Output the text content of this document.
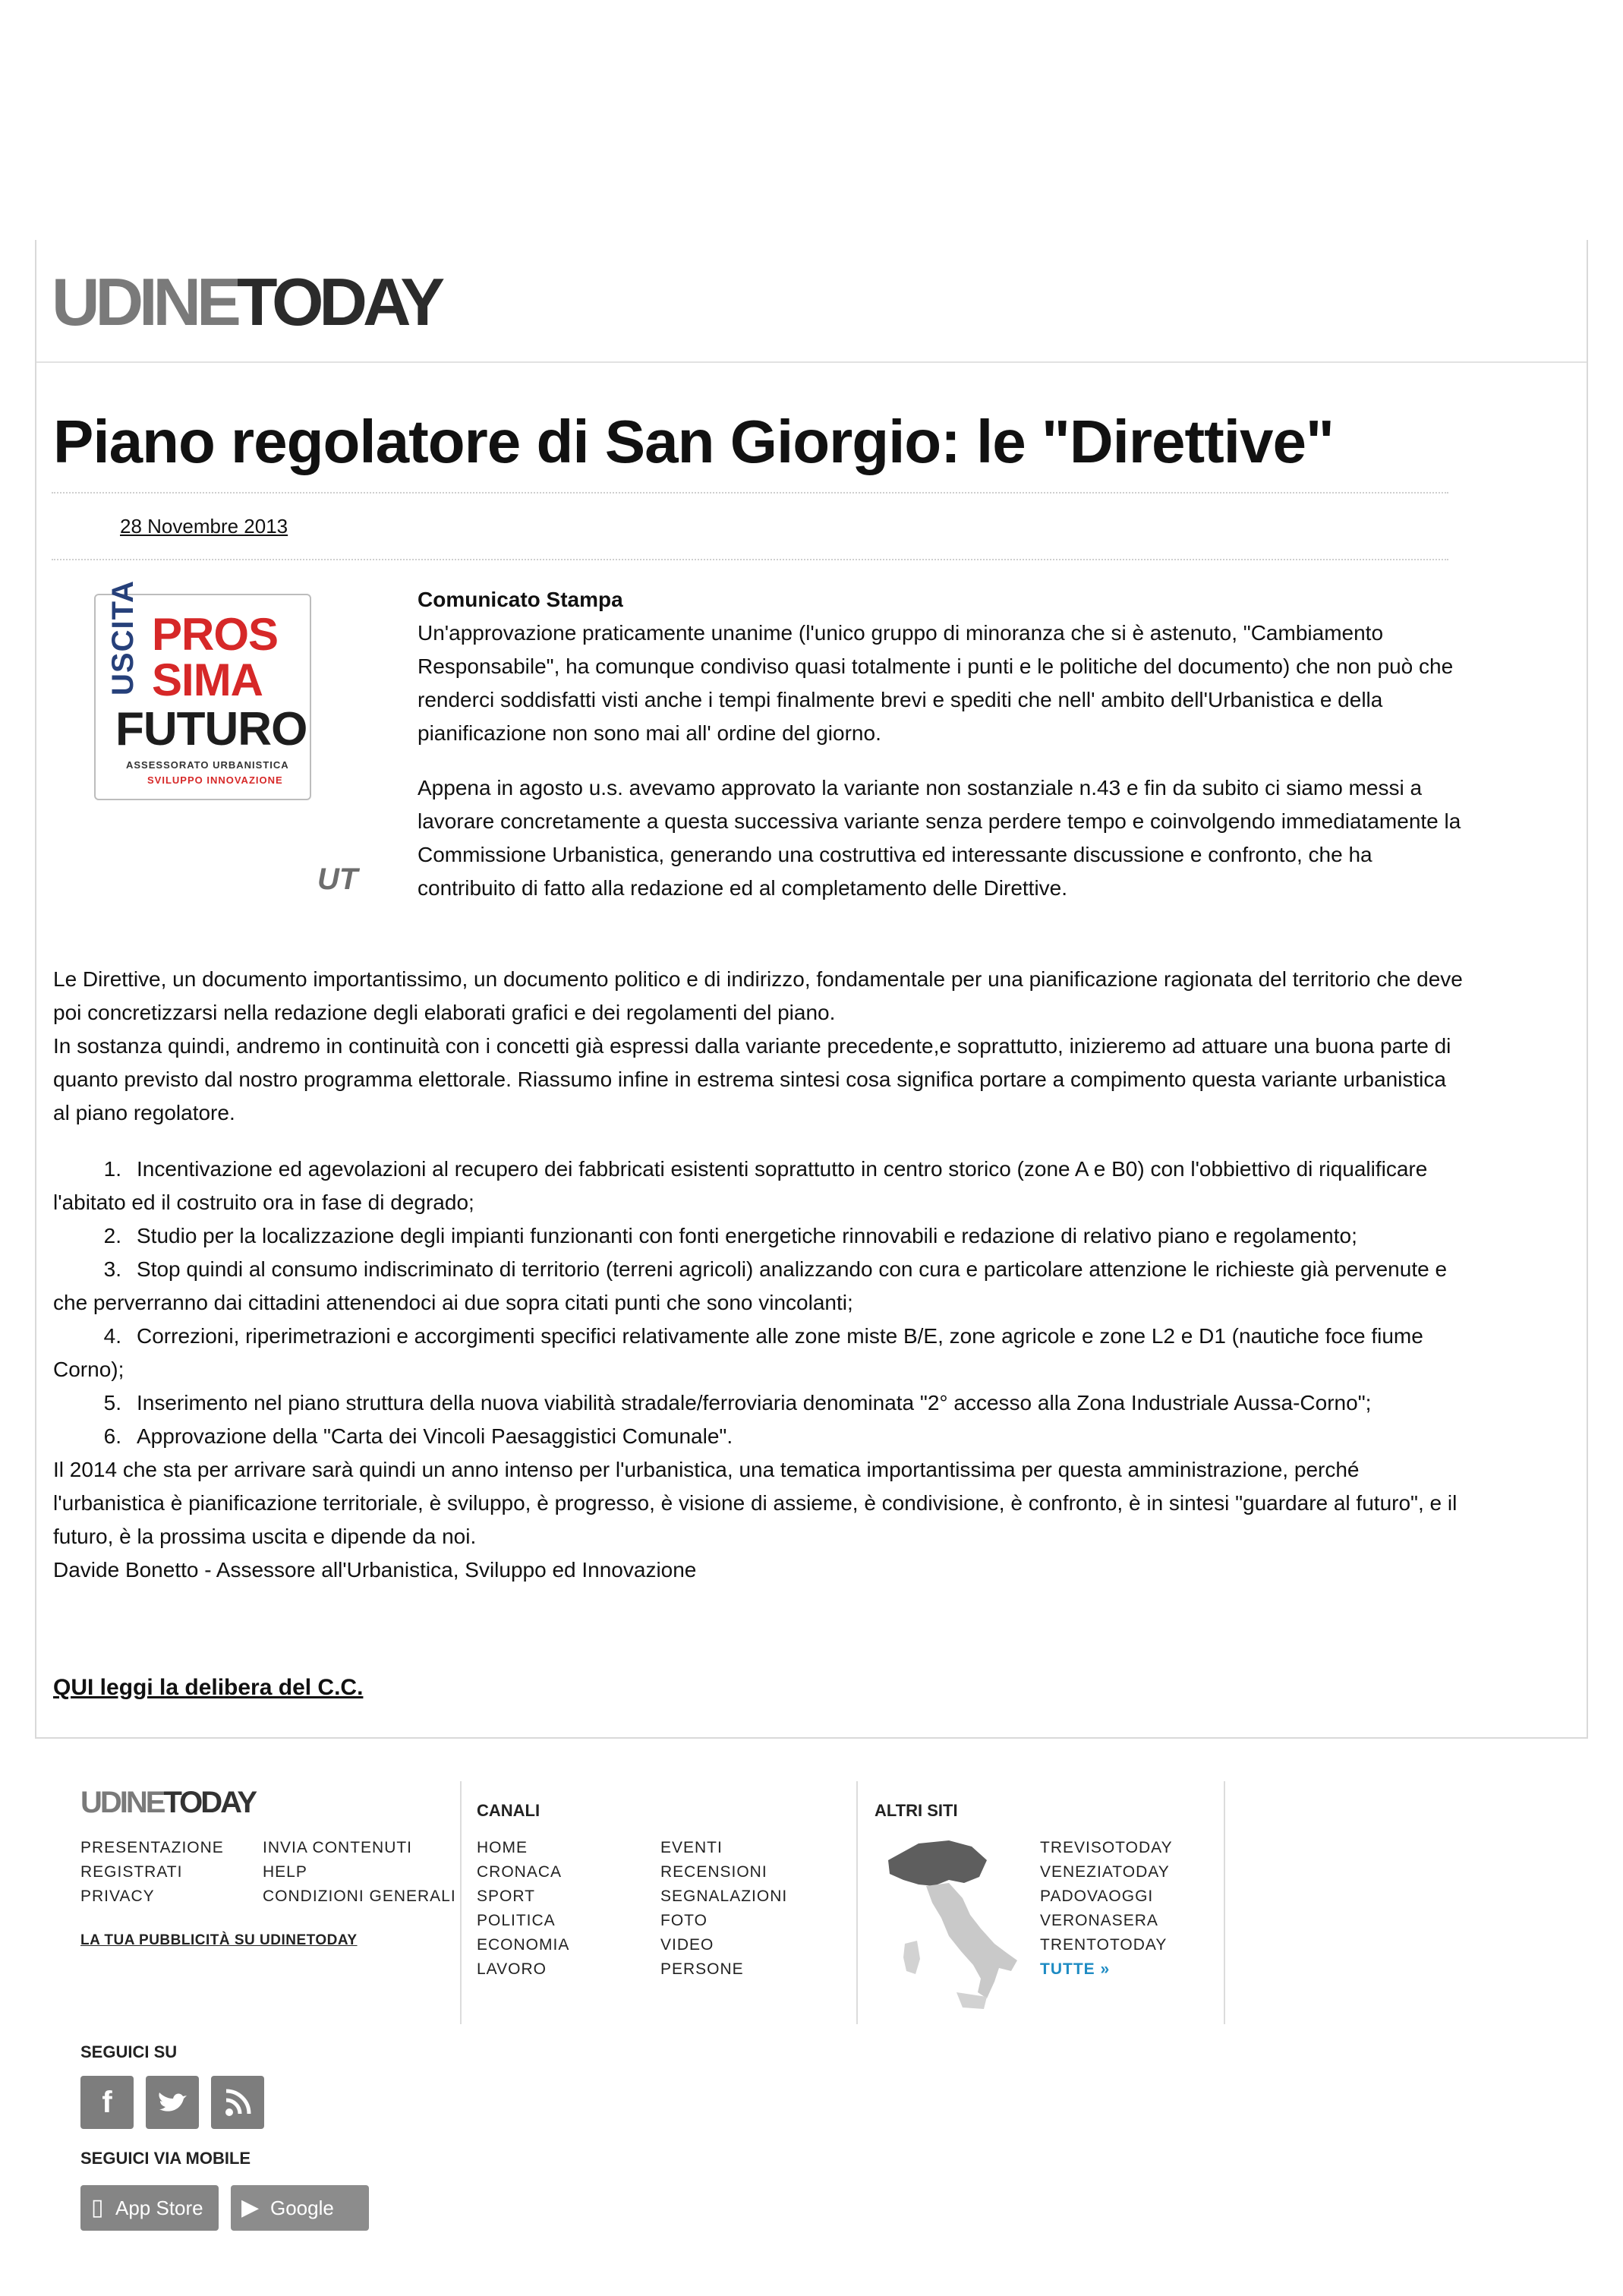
UDINETODAY
Piano regolatore di San Giorgio: le "Direttive"
28 Novembre 2013
USCITA PROS
SIMA
FUTURO
ASSESSORATO URBANISTICA
SVILUPPO INNOVAZIONE
UT

Comunicato Stampa

Un'approvazione praticamente unanime (l'unico gruppo di minoranza che si è astenuto, "Cambiamento Responsabile", ha comunque condiviso quasi totalmente i punti e le politiche del documento) che non può che renderci soddisfatti visti anche i tempi finalmente brevi e spediti che nell' ambito dell'Urbanistica e della pianificazione non sono mai all' ordine del giorno.

Appena in agosto u.s. avevamo approvato la variante non sostanziale n.43 e fin da subito ci siamo messi a lavorare concretamente a questa successiva variante senza perdere tempo e coinvolgendo immediatamente la Commissione Urbanistica, generando una costruttiva ed interessante discussione e confronto, che ha contribuito di fatto alla redazione ed al completamento delle Direttive.

Le Direttive, un documento importantissimo, un documento politico e di indirizzo, fondamentale per una pianificazione ragionata del territorio che deve poi concretizzarsi nella redazione degli elaborati grafici e dei regolamenti del piano.

In sostanza quindi, andremo in continuità con i concetti già espressi dalla variante precedente,e soprattutto, inizieremo ad attuare una buona parte di quanto previsto dal nostro programma elettorale. Riassumo infine in estrema sintesi cosa significa portare a compimento questa variante urbanistica al piano regolatore.

1. Incentivazione ed agevolazioni al recupero dei fabbricati esistenti soprattutto in centro storico (zone A e B0) con l'obbiettivo di riqualificare l'abitato ed il costruito ora in fase di degrado;
2. Studio per la localizzazione degli impianti funzionanti con fonti energetiche rinnovabili e redazione di relativo piano e regolamento;
3. Stop quindi al consumo indiscriminato di territorio (terreni agricoli) analizzando con cura e particolare attenzione le richieste già pervenute e che perverranno dai cittadini attenendoci ai due sopra citati punti che sono vincolanti;
4. Correzioni, riperimetrazioni e accorgimenti specifici relativamente alle zone miste B/E, zone agricole e zone L2 e D1 (nautiche foce fiume Corno);
5. Inserimento nel piano struttura della nuova viabilità stradale/ferroviaria denominata "2° accesso alla Zona Industriale Aussa-Corno";
6. Approvazione della "Carta dei Vincoli Paesaggistici Comunale".

Il 2014 che sta per arrivare sarà quindi un anno intenso per l'urbanistica, una tematica importantissima per questa amministrazione, perché l'urbanistica è pianificazione territoriale, è sviluppo, è progresso, è visione di assieme, è condivisione, è confronto, è in sintesi "guardare al futuro", e il futuro, è la prossima uscita e dipende da noi.

Davide Bonetto - Assessore all'Urbanistica, Sviluppo ed Innovazione

QUI leggi la delibera del C.C.
UDINETODAY
PRESENTAZIONE
REGISTRATI
PRIVACY
INVIA CONTENUTI
HELP
CONDIZIONI GENERALI
LA TUA PUBBLICITÀ SU UDINETODAY
CANALI
HOME
CRONACA
SPORT
POLITICA
ECONOMIA
LAVORO
EVENTI
RECENSIONI
SEGNALAZIONI
FOTO
VIDEO
PERSONE
ALTRI SITI
TREVISOTODAY
VENEZIATODAY
PADOVAOGGI
VERONASERA
TRENTOTODAY
TUTTE »
SEGUICI SU
f
SEGUICI VIA MOBILE
▯ App Store	▶ Google play
